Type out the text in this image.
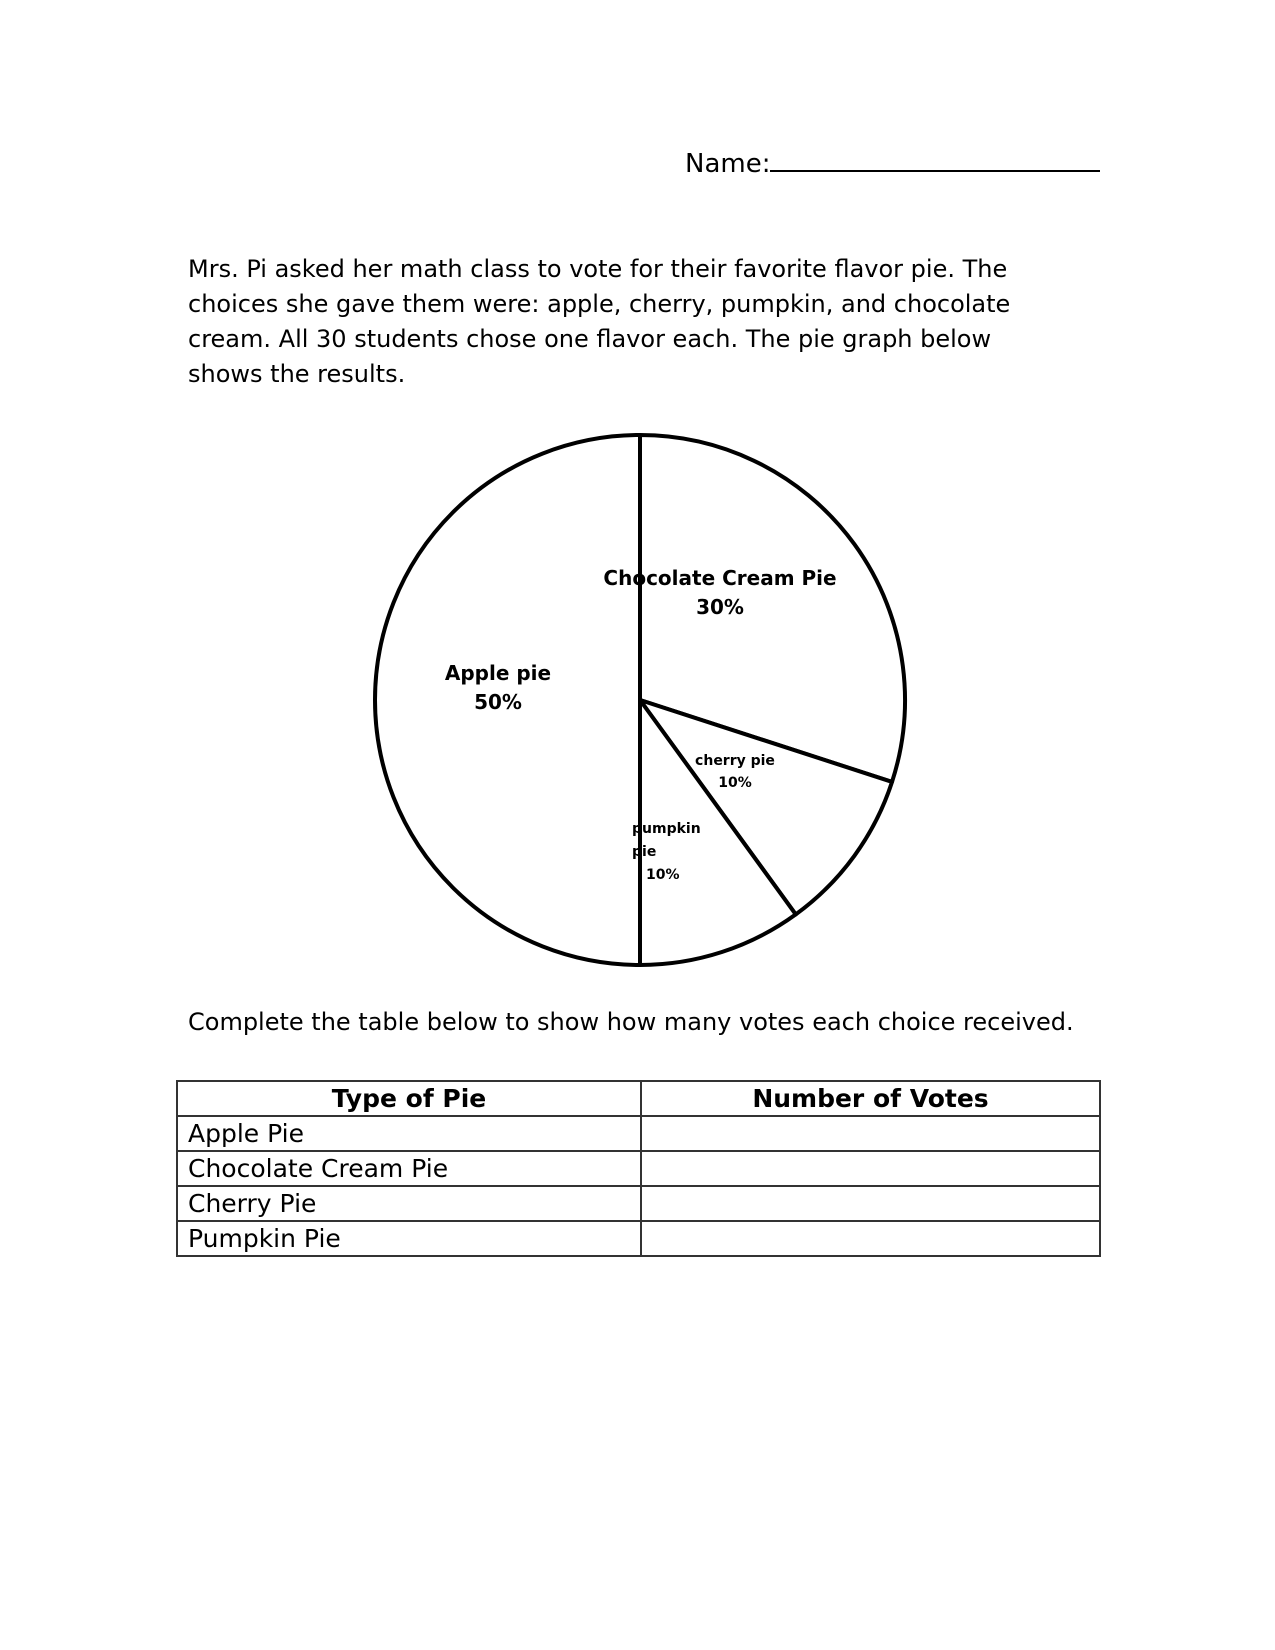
Name:

Mrs. Pi asked her math class to vote for their favorite flavor pie. The choices she gave them were: apple, cherry, pumpkin, and chocolate cream. All 30 students chose one flavor each. The pie graph below shows the results.

Chocolate Cream Pie 30%
cherry pie 10%
pumpkin pie 10%
Apple pie 50%

Complete the table below to show how many votes each choice received.

Type of Pie	Number of Votes
Apple Pie	
Chocolate Cream Pie	
Cherry Pie	
Pumpkin Pie	
